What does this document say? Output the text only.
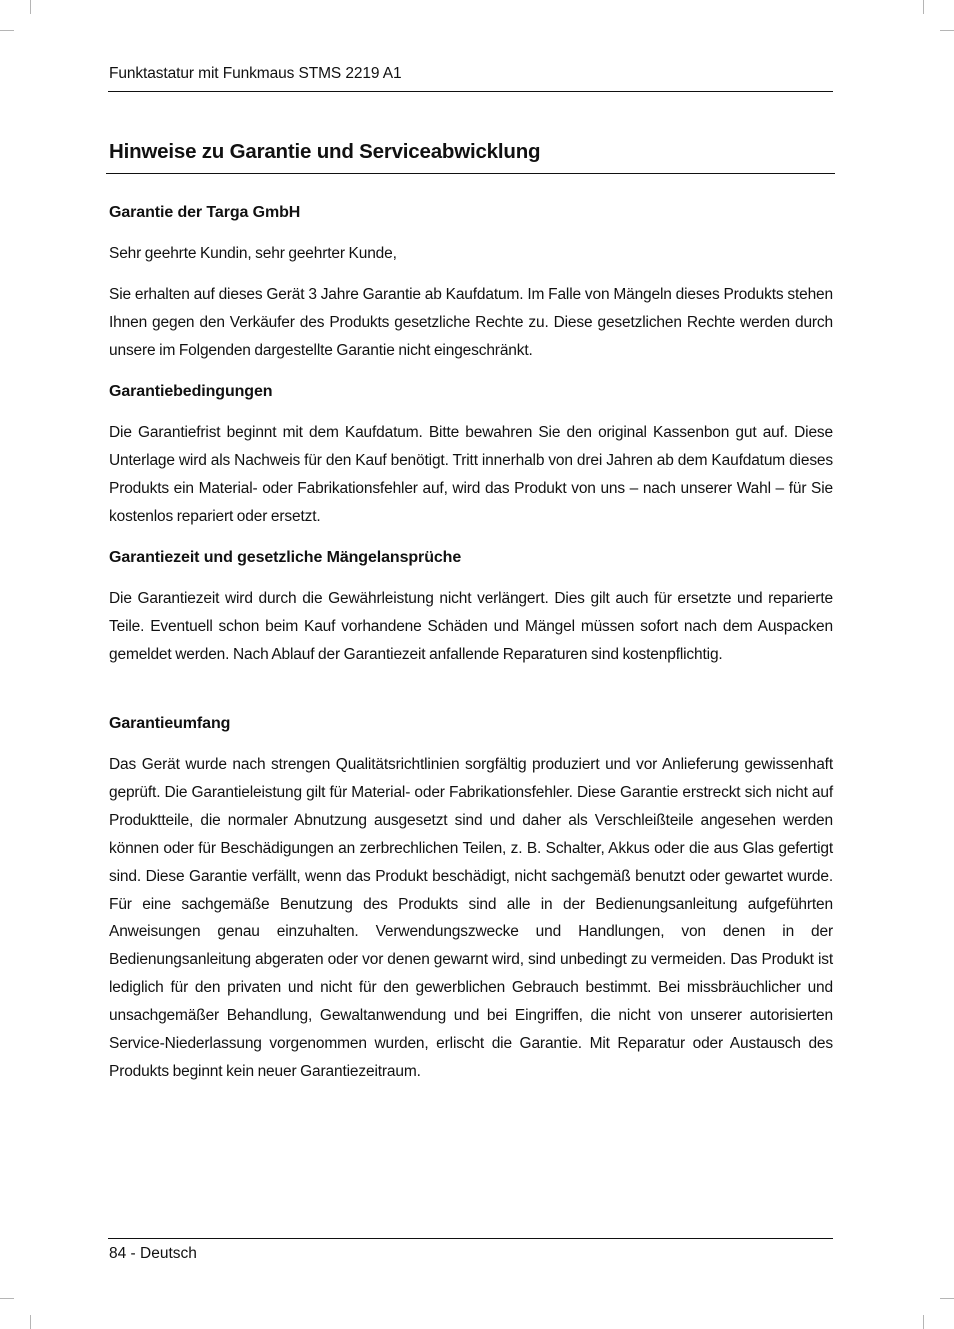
Funktastatur mit Funkmaus STMS 2219 A1
Hinweise zu Garantie und Serviceabwicklung
Garantie der Targa GmbH

Sehr geehrte Kundin, sehr geehrter Kunde,

Sie erhalten auf dieses Gerät 3 Jahre Garantie ab Kaufdatum. Im Falle von Mängeln dieses Produkts stehen Ihnen gegen den Verkäufer des Produkts gesetzliche Rechte zu. Diese gesetzlichen Rechte werden durch unsere im Folgenden dargestellte Garantie nicht eingeschränkt.

Garantiebedingungen

Die Garantiefrist beginnt mit dem Kaufdatum. Bitte bewahren Sie den original Kassenbon gut auf. Diese Unterlage wird als Nachweis für den Kauf benötigt. Tritt innerhalb von drei Jahren ab dem Kaufdatum dieses Produkts ein Material- oder Fabrikationsfehler auf, wird das Produkt von uns – nach unserer Wahl – für Sie kostenlos repariert oder ersetzt.

Garantiezeit und gesetzliche Mängelansprüche

Die Garantiezeit wird durch die Gewährleistung nicht verlängert. Dies gilt auch für ersetzte und reparierte Teile. Eventuell schon beim Kauf vorhandene Schäden und Mängel müssen sofort nach dem Auspacken gemeldet werden. Nach Ablauf der Garantiezeit anfallende Reparaturen sind kostenpflichtig.

Garantieumfang

Das Gerät wurde nach strengen Qualitätsrichtlinien sorgfältig produziert und vor Anlieferung gewissenhaft geprüft. Die Garantieleistung gilt für Material- oder Fabrikationsfehler. Diese Garantie erstreckt sich nicht auf Produktteile, die normaler Abnutzung ausgesetzt sind und daher als Verschleißteile angesehen werden können oder für Beschädigungen an zerbrechlichen Teilen, z. B. Schalter, Akkus oder die aus Glas gefertigt sind. Diese Garantie verfällt, wenn das Produkt beschädigt, nicht sachgemäß benutzt oder gewartet wurde. Für eine sachgemäße Benutzung des Produkts sind alle in der Bedienungsanleitung aufgeführten Anweisungen genau einzuhalten. Verwendungszwecke und Handlungen, von denen in der Bedienungsanleitung abgeraten oder vor denen gewarnt wird, sind unbedingt zu vermeiden. Das Produkt ist lediglich für den privaten und nicht für den gewerblichen Gebrauch bestimmt. Bei missbräuchlicher und unsachgemäßer Behandlung, Gewaltanwendung und bei Eingriffen, die nicht von unserer autorisierten Service-Niederlassung vorgenommen wurden, erlischt die Garantie. Mit Reparatur oder Austausch des Produkts beginnt kein neuer Garantiezeitraum.

84 - Deutsch
